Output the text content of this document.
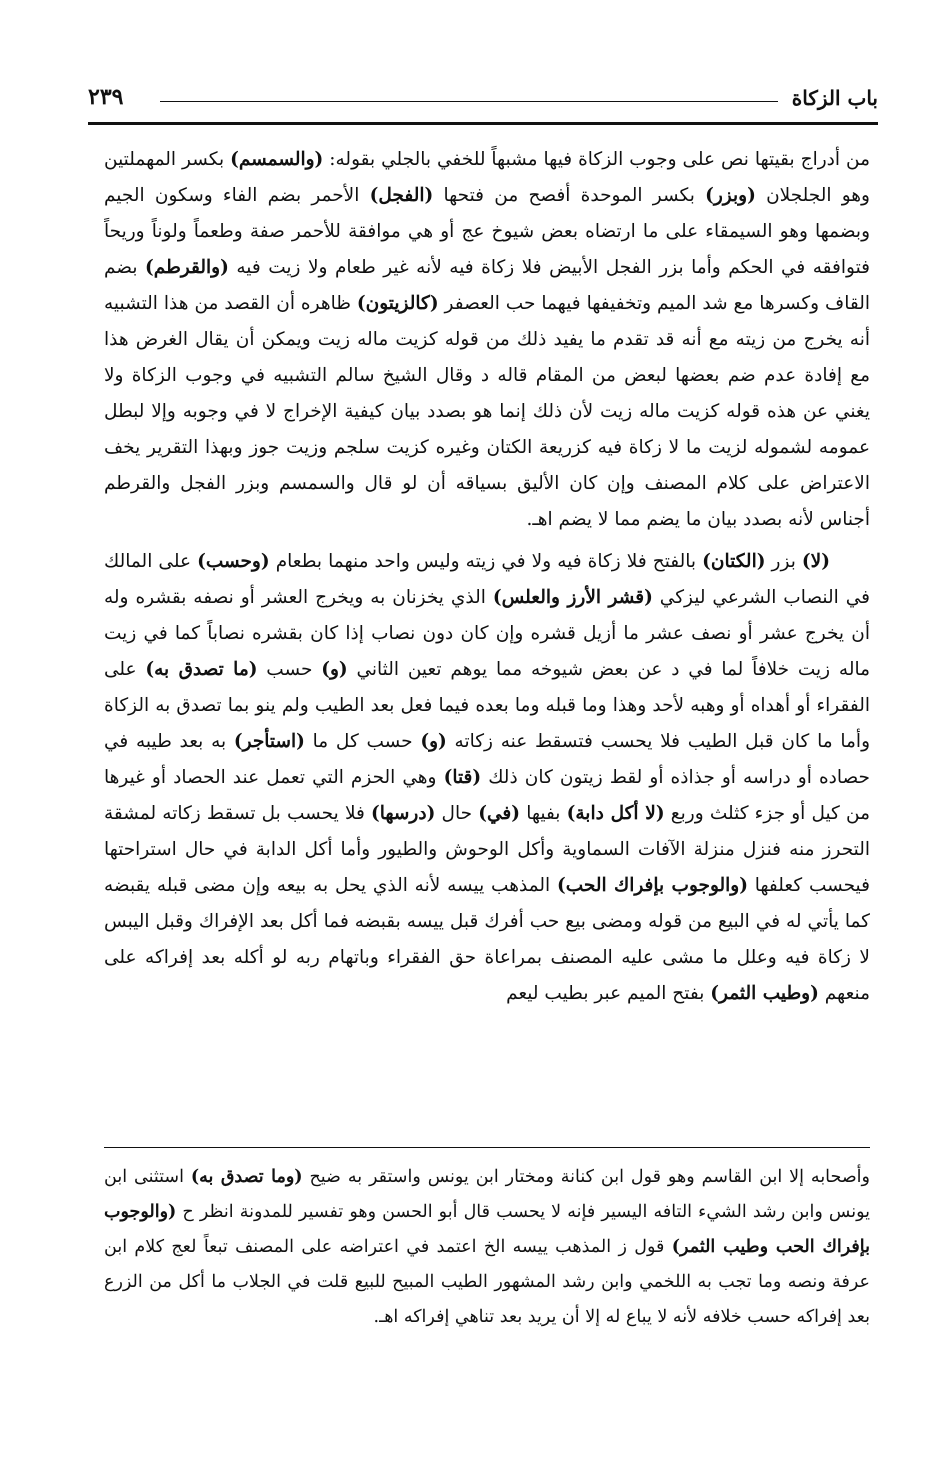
باب الزكاة
٢٣٩

من أدراج بقيتها نص على وجوب الزكاة فيها مشبهاً للخفي بالجلي بقوله: (والسمسم) بكسر المهملتين وهو الجلجلان (وبزر) بكسر الموحدة أفصح من فتحها (الفجل) الأحمر بضم الفاء وسكون الجيم وبضمها وهو السيمقاء على ما ارتضاه بعض شيوخ عج أو هي موافقة للأحمر صفة وطعماً ولوناً وريحاً فتوافقه في الحكم وأما بزر الفجل الأبيض فلا زكاة فيه لأنه غير طعام ولا زيت فيه (والقرطم) بضم القاف وكسرها مع شد الميم وتخفيفها فيهما حب العصفر (كالزيتون) ظاهره أن القصد من هذا التشبيه أنه يخرج من زيته مع أنه قد تقدم ما يفيد ذلك من قوله كزيت ماله زيت ويمكن أن يقال الغرض هذا مع إفادة عدم ضم بعضها لبعض من المقام قاله د وقال الشيخ سالم التشبيه في وجوب الزكاة ولا يغني عن هذه قوله كزيت ماله زيت لأن ذلك إنما هو بصدد بيان كيفية الإخراج لا في وجوبه وإلا لبطل عمومه لشموله لزيت ما لا زكاة فيه كزريعة الكتان وغيره كزيت سلجم وزيت جوز وبهذا التقرير يخف الاعتراض على كلام المصنف وإن كان الأليق بسياقه أن لو قال والسمسم وبزر الفجل والقرطم أجناس لأنه بصدد بيان ما يضم مما لا يضم اهـ.

(لا) بزر (الكتان) بالفتح فلا زكاة فيه ولا في زيته وليس واحد منهما بطعام (وحسب) على المالك في النصاب الشرعي ليزكي (قشر الأرز والعلس) الذي يخزنان به ويخرج العشر أو نصفه بقشره وله أن يخرج عشر أو نصف عشر ما أزيل قشره وإن كان دون نصاب إذا كان بقشره نصاباً كما في زيت ماله زيت خلافاً لما في د عن بعض شيوخه مما يوهم تعين الثاني (و) حسب (ما تصدق به) على الفقراء أو أهداه أو وهبه لأحد وهذا وما قبله وما بعده فيما فعل بعد الطيب ولم ينو بما تصدق به الزكاة وأما ما كان قبل الطيب فلا يحسب فتسقط عنه زكاته (و) حسب كل ما (استأجر) به بعد طيبه في حصاده أو دراسه أو جذاذه أو لقط زيتون كان ذلك (قتا) وهي الحزم التي تعمل عند الحصاد أو غيرها من كيل أو جزء كثلث وربع (لا أكل دابة) بفيها (في) حال (درسها) فلا يحسب بل تسقط زكاته لمشقة التحرز منه فنزل منزلة الآفات السماوية وأكل الوحوش والطيور وأما أكل الدابة في حال استراحتها فيحسب كعلفها (والوجوب بإفراك الحب) المذهب ييسه لأنه الذي يحل به بيعه وإن مضى قبله يقبضه كما يأتي له في البيع من قوله ومضى بيع حب أفرك قبل ييسه بقبضه فما أكل بعد الإفراك وقبل اليبس لا زكاة فيه وعلل ما مشى عليه المصنف بمراعاة حق الفقراء وباتهام ربه لو أكله بعد إفراكه على منعهم (وطيب الثمر) بفتح الميم عبر بطيب ليعم

وأصحابه إلا ابن القاسم وهو قول ابن كنانة ومختار ابن يونس واستقر به ضيح (وما تصدق به) استثنى ابن يونس وابن رشد الشيء التافه اليسير فإنه لا يحسب قال أبو الحسن وهو تفسير للمدونة انظر ح (والوجوب بإفراك الحب وطيب الثمر) قول ز المذهب ييسه الخ اعتمد في اعتراضه على المصنف تبعاً لعج كلام ابن عرفة ونصه وما تجب به اللخمي وابن رشد المشهور الطيب المبيح للبيع قلت في الجلاب ما أكل من الزرع بعد إفراكه حسب خلافه لأنه لا يباع له إلا أن يريد بعد تناهي إفراكه اهـ.
